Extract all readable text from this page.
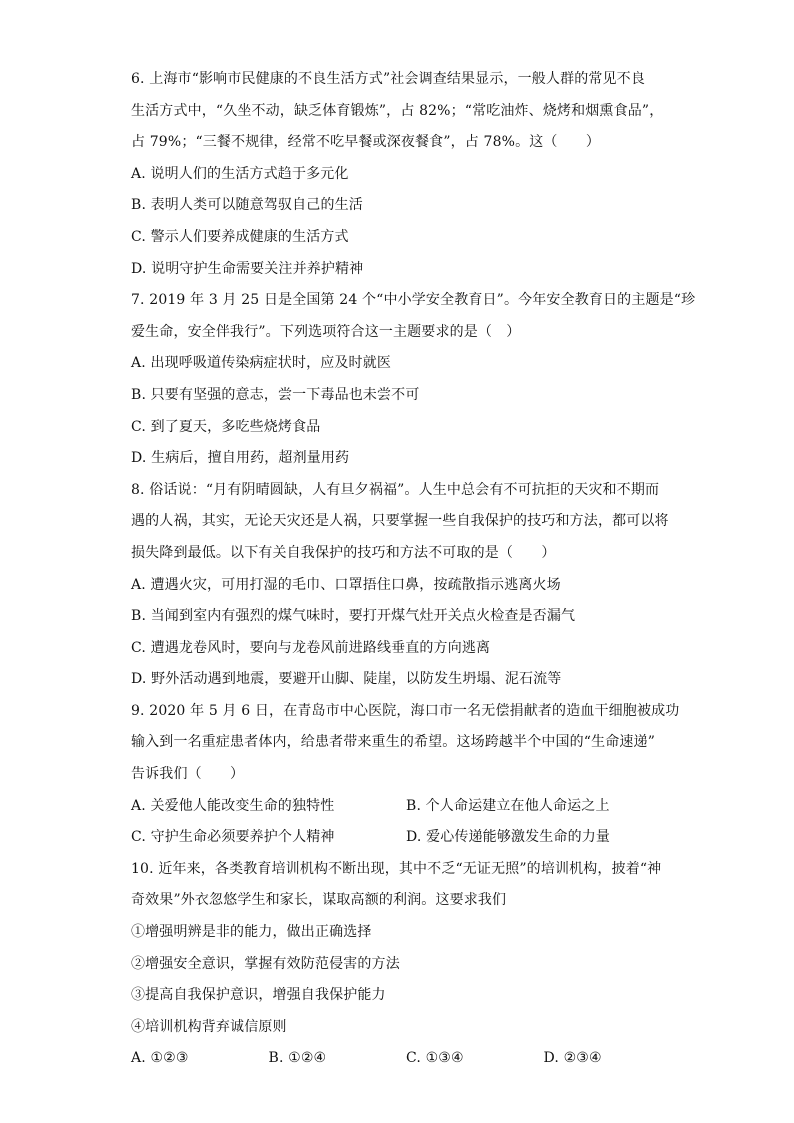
6. 上海市“影响市民健康的不良生活方式”社会调查结果显示，一般人群的常见不良
生活方式中，“久坐不动，缺乏体育锻炼”，占 82%；“常吃油炸、烧烤和烟熏食品”，
占 79%；“三餐不规律，经常不吃早餐或深夜餐食”，占 78%。这（　　）
A. 说明人们的生活方式趋于多元化
B. 表明人类可以随意驾驭自己的生活
C. 警示人们要养成健康的生活方式
D. 说明守护生命需要关注并养护精神
7. 2019 年 3 月 25 日是全国第 24 个“中小学安全教育日”。今年安全教育日的主题是“珍
爱生命，安全伴我行”。下列选项符合这一主题要求的是（　）
A. 出现呼吸道传染病症状时，应及时就医
B. 只要有坚强的意志，尝一下毒品也未尝不可
C. 到了夏天，多吃些烧烤食品
D. 生病后，擅自用药，超剂量用药
8. 俗话说：“月有阴晴圆缺，人有旦夕祸福”。人生中总会有不可抗拒的天灾和不期而
遇的人祸，其实，无论天灾还是人祸，只要掌握一些自我保护的技巧和方法，都可以将
损失降到最低。以下有关自我保护的技巧和方法不可取的是（　　）
A. 遭遇火灾，可用打湿的毛巾、口罩捂住口鼻，按疏散指示逃离火场
B. 当闻到室内有强烈的煤气味时，要打开煤气灶开关点火检查是否漏气
C. 遭遇龙卷风时，要向与龙卷风前进路线垂直的方向逃离
D. 野外活动遇到地震，要避开山脚、陡崖，以防发生坍塌、泥石流等
9. 2020 年 5 月 6 日，在青岛市中心医院，海口市一名无偿捐献者的造血干细胞被成功
输入到一名重症患者体内，给患者带来重生的希望。这场跨越半个中国的“生命速递”
告诉我们（　　）
A. 关爱他人能改变生命的独特性	B. 个人命运建立在他人命运之上
C. 守护生命必须要养护个人精神	D. 爱心传递能够激发生命的力量
10. 近年来，各类教育培训机构不断出现，其中不乏“无证无照”的培训机构，披着“神
奇效果”外衣忽悠学生和家长，谋取高额的利润。这要求我们
①增强明辨是非的能力，做出正确选择
②增强安全意识，掌握有效防范侵害的方法
③提高自我保护意识，增强自我保护能力
④培训机构背弃诚信原则
A. ①②③	B. ①②④	C. ①③④	D. ②③④
